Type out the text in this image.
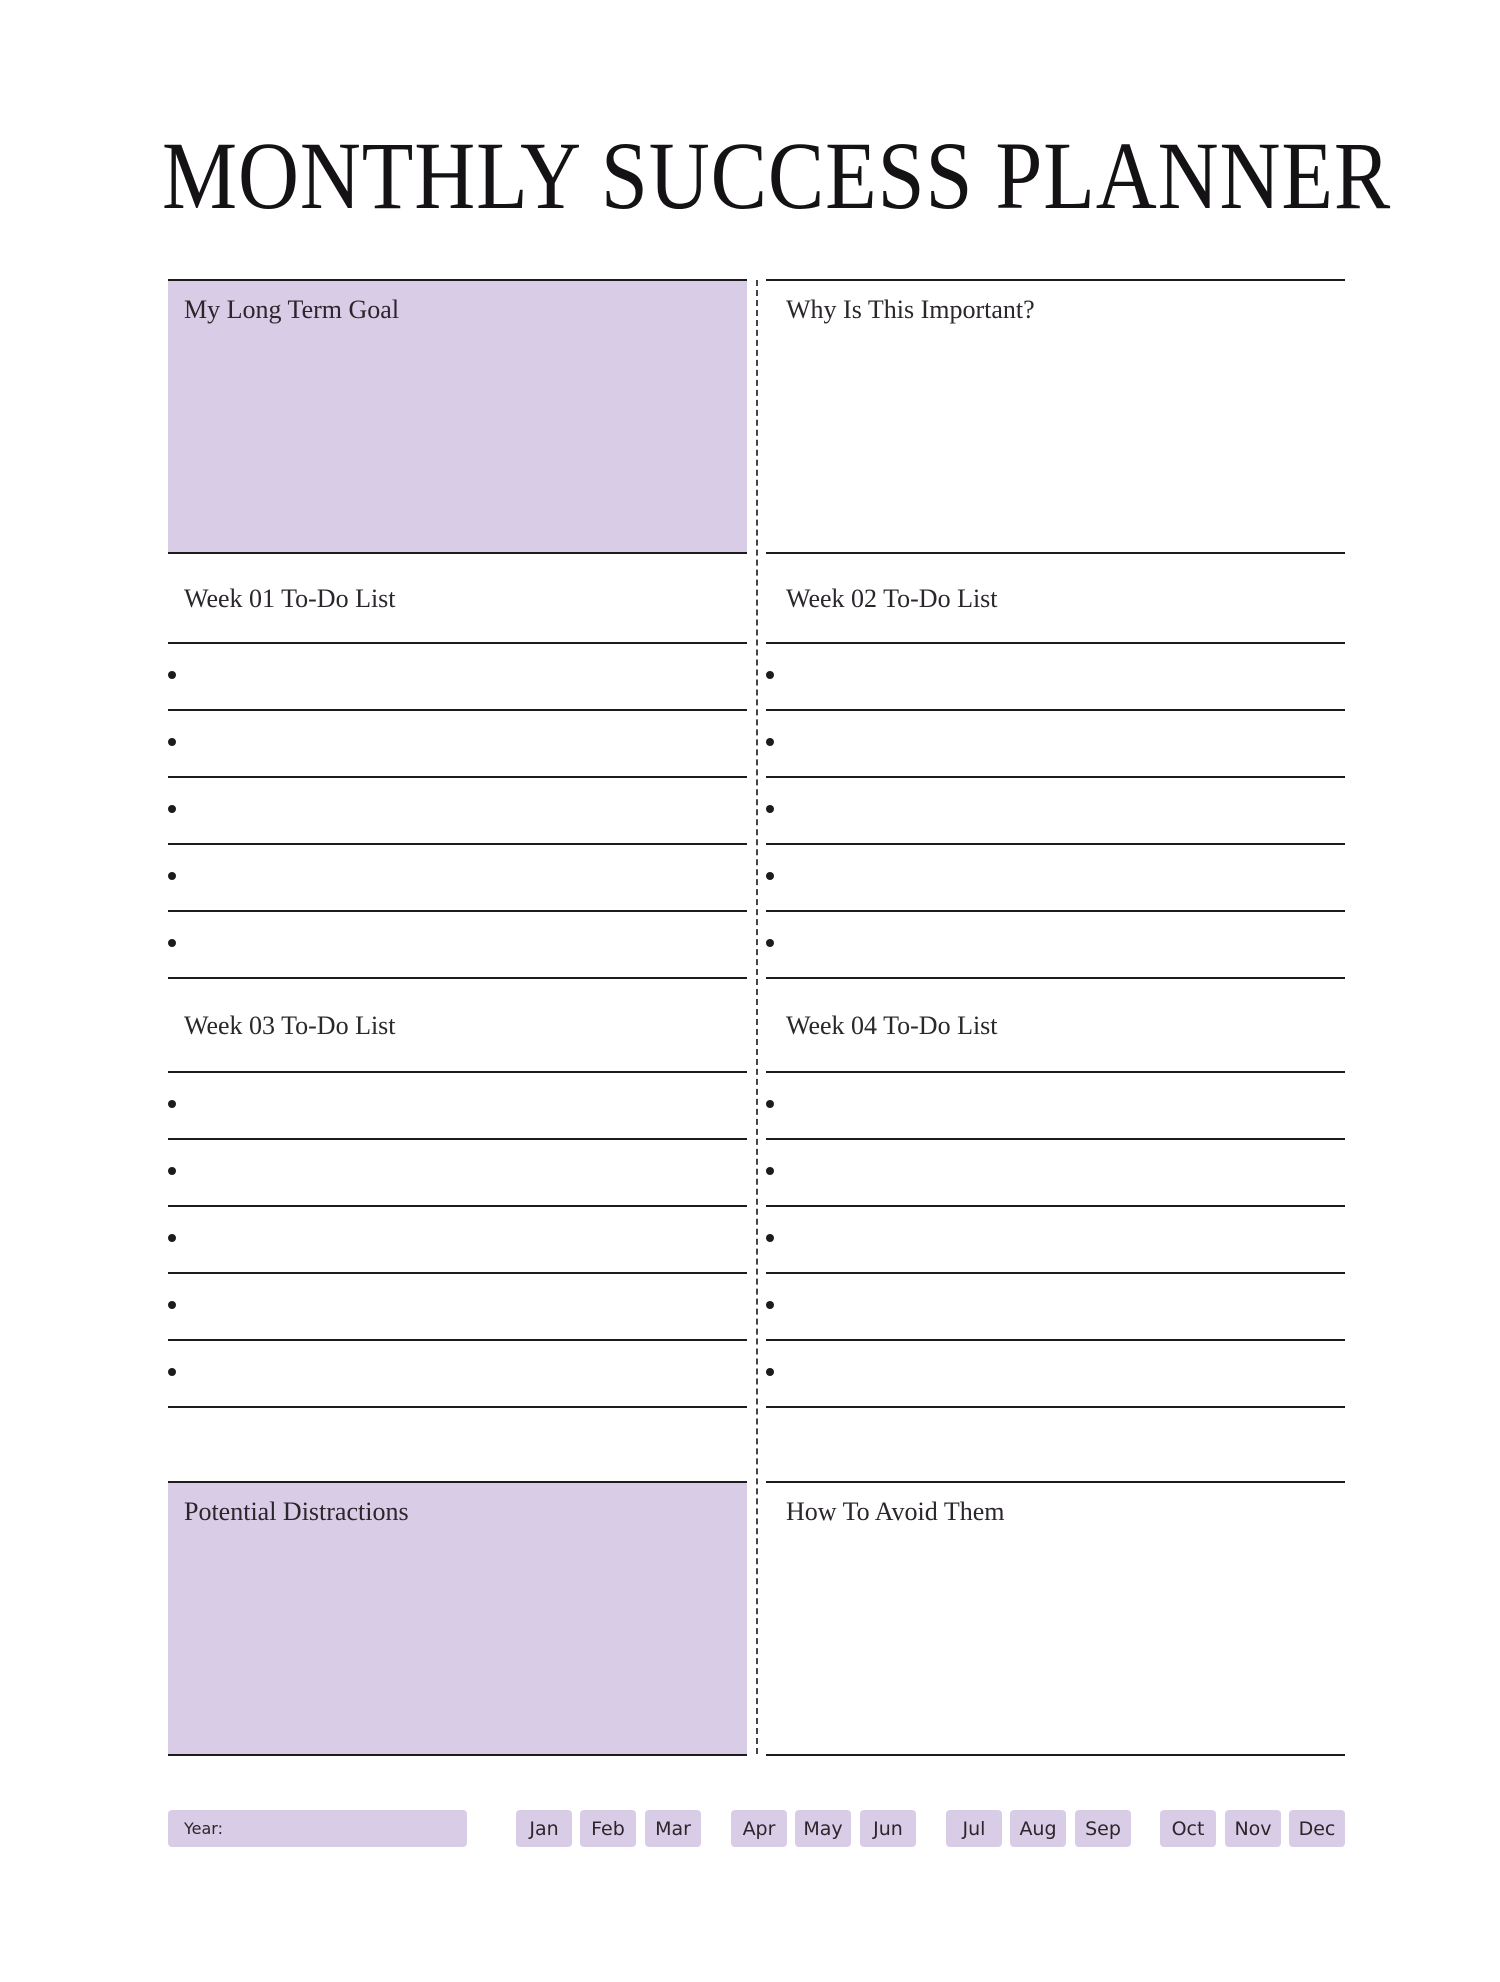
MONTHLY SUCCESS PLANNER
My Long Term Goal	Why Is This Important?
Week 01 To-Do List	Week 02 To-Do List
Week 03 To-Do List	Week 04 To-Do List
Potential Distractions	How To Avoid Them
Year:	Jan	Feb	Mar	Apr	May	Jun	Jul	Aug	Sep	Oct	Nov	Dec
